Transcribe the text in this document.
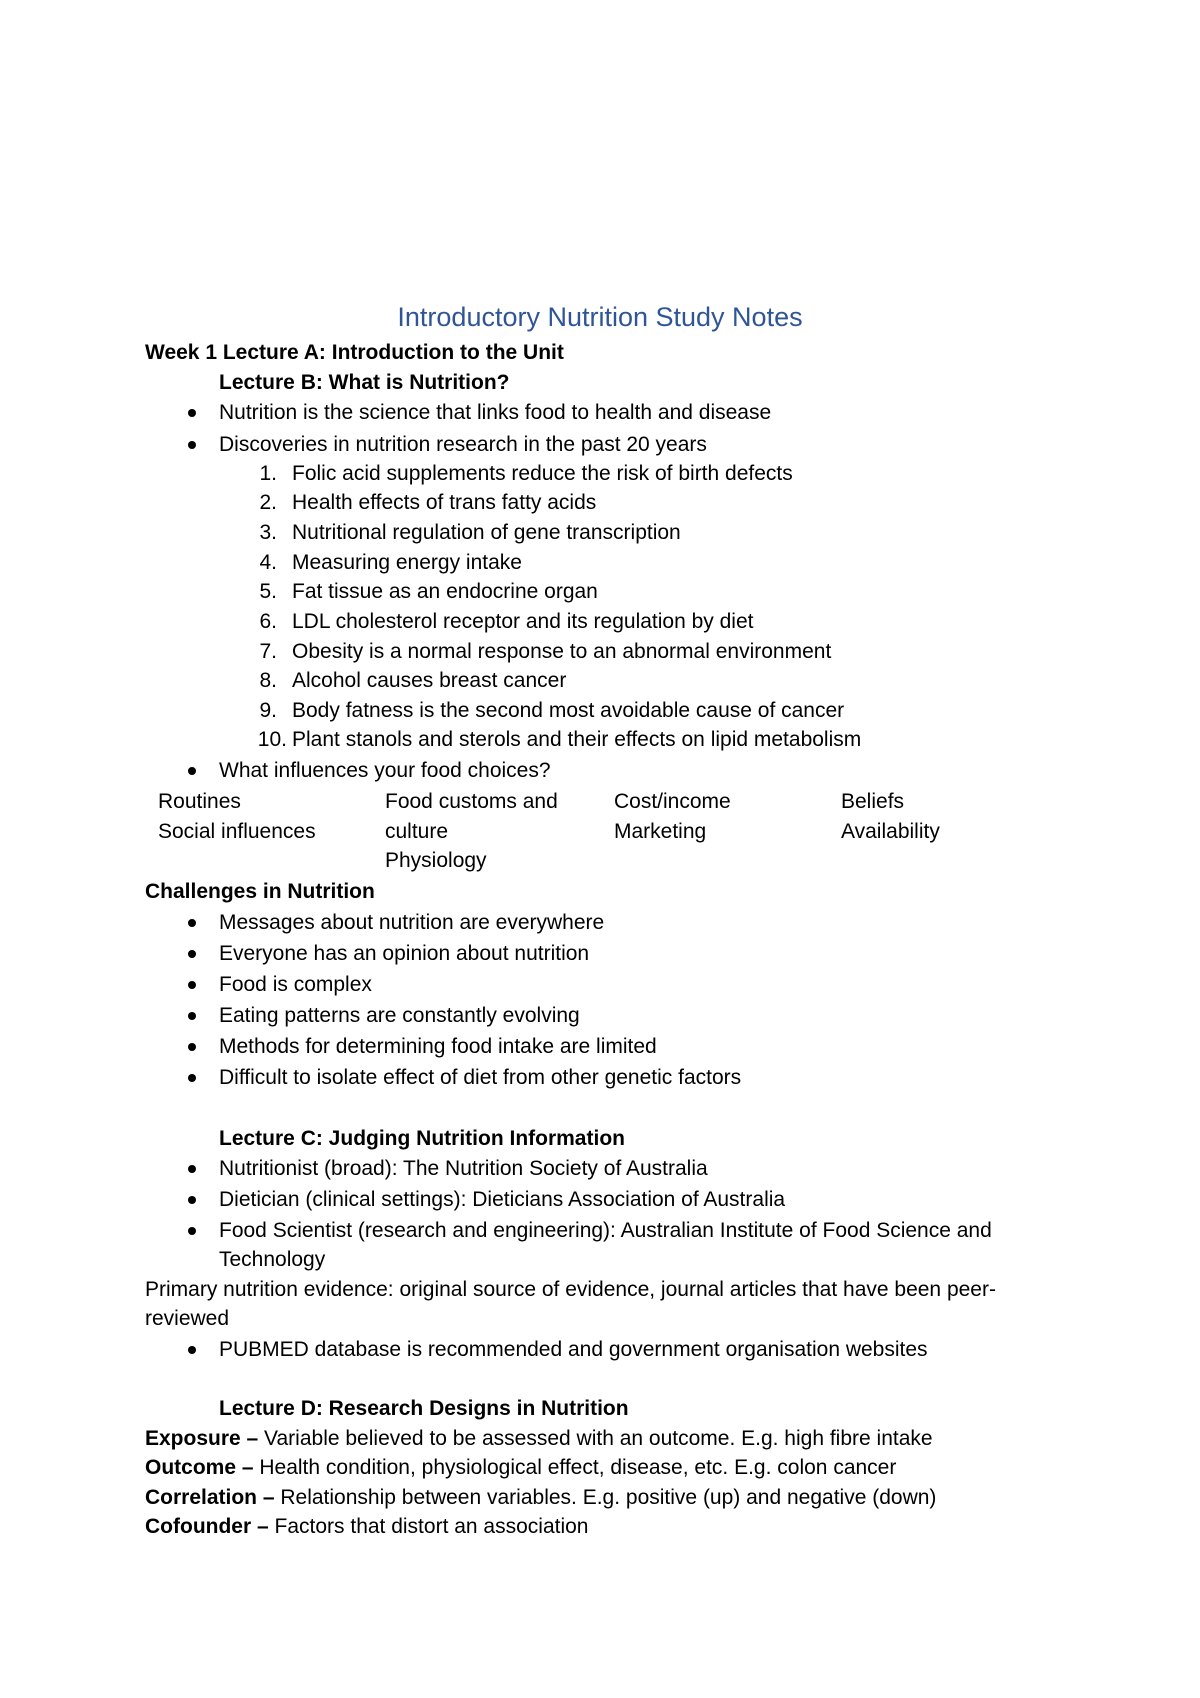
Introductory Nutrition Study Notes
Week 1 Lecture A: Introduction to the Unit
Lecture B: What is Nutrition?
Nutrition is the science that links food to health and disease
Discoveries in nutrition research in the past 20 years
1. Folic acid supplements reduce the risk of birth defects
2. Health effects of trans fatty acids
3. Nutritional regulation of gene transcription
4. Measuring energy intake
5. Fat tissue as an endocrine organ
6. LDL cholesterol receptor and its regulation by diet
7. Obesity is a normal response to an abnormal environment
8. Alcohol causes breast cancer
9. Body fatness is the second most avoidable cause of cancer
10. Plant stanols and sterols and their effects on lipid metabolism
What influences your food choices?
Routines
Social influences
Food customs and
culture
Physiology
Cost/income
Marketing
Beliefs
Availability
Challenges in Nutrition
Messages about nutrition are everywhere
Everyone has an opinion about nutrition
Food is complex
Eating patterns are constantly evolving
Methods for determining food intake are limited
Difficult to isolate effect of diet from other genetic factors
Lecture C: Judging Nutrition Information
Nutritionist (broad): The Nutrition Society of Australia
Dietician (clinical settings): Dieticians Association of Australia
Food Scientist (research and engineering): Australian Institute of Food Science and
Technology
Primary nutrition evidence: original source of evidence, journal articles that have been peer-
reviewed
PUBMED database is recommended and government organisation websites
Lecture D: Research Designs in Nutrition
Exposure – Variable believed to be assessed with an outcome. E.g. high fibre intake
Outcome – Health condition, physiological effect, disease, etc. E.g. colon cancer
Correlation – Relationship between variables. E.g. positive (up) and negative (down)
Cofounder – Factors that distort an association
